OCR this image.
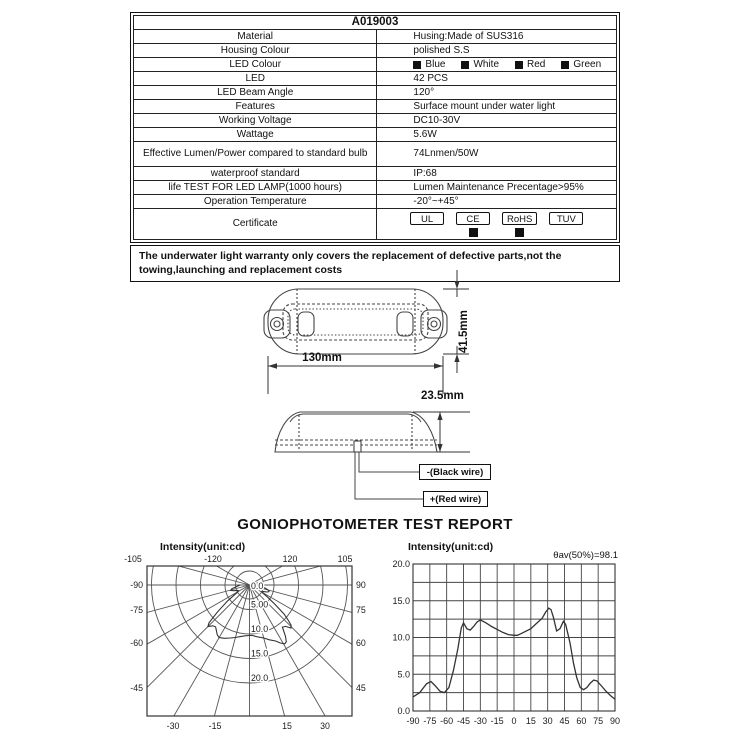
A019003	
Material	Husing:Made of SUS316
Housing Colour	polished S.S
LED Colour	Blue White Red Green

LED	42 PCS
LED Beam Angle	120°
Features	Surface mount under water light
Working Voltage	DC10-30V
Wattage	5.6W
Effective Lumen/Power compared to standard bulb	74Lnmen/50W
waterproof standard	IP:68
life TEST FOR LED LAMP(1000 hours)	Lumen Maintenance Precentage>95%
Operation Temperature	-20°~+45°
Certificate	UL CE RoHS TUV
The underwater light warranty only covers the replacement of defective parts,not the towing,launching and replacement costs
130mm
41.5mm
23.5mm
-(Black wire)
+(Red wire)
GONIOPHOTOMETER TEST REPORT
Intensity(unit:cd)
-105	-120	120	105
-90
-75
-60
-45
90
75
60
45
-30	-15	15	30
0.0
5.00
10.0
15.0
20.0
Intensity(unit:cd)
θav(50%)=98.1
20.0
15.0
10.0
5.0
0.0
-90 -75 -60 -45 -30 -15 0 15 30 45 60 75 90
